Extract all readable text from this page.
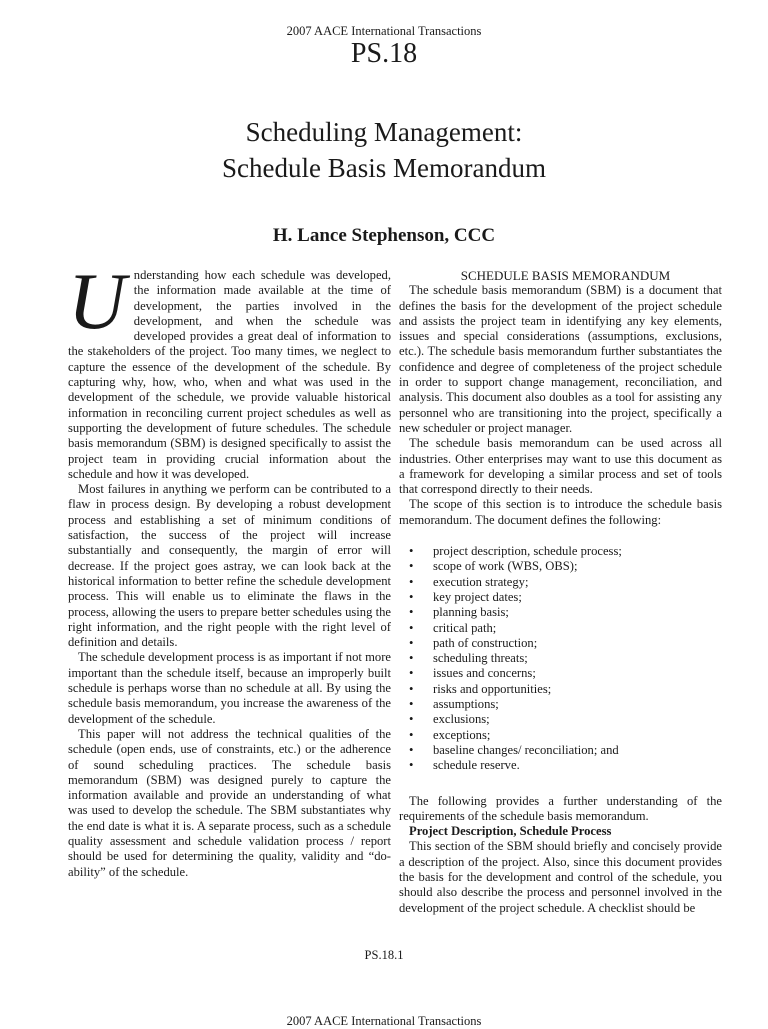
2007 AACE International Transactions
PS.18
Scheduling Management:
Schedule Basis Memorandum
H. Lance Stephenson, CCC
U nderstanding how each schedule was developed, the information made available at the time of development, the parties involved in the development, and when the schedule was developed provides a great deal of information to the stakeholders of the project. Too many times, we neglect to capture the essence of the development of the schedule. By capturing why, how, who, when and what was used in the development of the schedule, we provide valuable historical information in reconciling current project schedules as well as supporting the development of future schedules. The schedule basis memorandum (SBM) is designed specifically to assist the project team in providing crucial information about the schedule and how it was developed.

Most failures in anything we perform can be contributed to a flaw in process design. By developing a robust development process and establishing a set of minimum conditions of satisfaction, the success of the project will increase substantially and consequently, the margin of error will decrease. If the project goes astray, we can look back at the historical information to better refine the schedule development process. This will enable us to eliminate the flaws in the process, allowing the users to prepare better schedules using the right information, and the right people with the right level of definition and details.

The schedule development process is as important if not more important than the schedule itself, because an improperly built schedule is perhaps worse than no schedule at all. By using the schedule basis memorandum, you increase the awareness of the development of the schedule.

This paper will not address the technical qualities of the schedule (open ends, use of constraints, etc.) or the adherence of sound scheduling practices. The schedule basis memorandum (SBM) was designed purely to capture the information available and provide an understanding of what was used to develop the schedule. The SBM substantiates why the end date is what it is. A separate process, such as a schedule quality assessment and schedule validation process / report should be used for determining the quality, validity and “do-ability” of the schedule.

SCHEDULE BASIS MEMORANDUM

The schedule basis memorandum (SBM) is a document that defines the basis for the development of the project schedule and assists the project team in identifying any key elements, issues and special considerations (assumptions, exclusions, etc.). The schedule basis memorandum further substantiates the confidence and degree of completeness of the project schedule in order to support change management, reconciliation, and analysis. This document also doubles as a tool for assisting any personnel who are transitioning into the project, specifically a new scheduler or project manager.

The schedule basis memorandum can be used across all industries. Other enterprises may want to use this document as a framework for developing a similar process and set of tools that correspond directly to their needs.

The scope of this section is to introduce the schedule basis memorandum. The document defines the following:

• project description, schedule process;
• scope of work (WBS, OBS);
• execution strategy;
• key project dates;
• planning basis;
• critical path;
• path of construction;
• scheduling threats;
• issues and concerns;
• risks and opportunities;
• assumptions;
• exclusions;
• exceptions;
• baseline changes/ reconciliation; and
• schedule reserve.

The following provides a further understanding of the requirements of the schedule basis memorandum.

Project Description, Schedule Process

This section of the SBM should briefly and concisely provide a description of the project. Also, since this document provides the basis for the development and control of the schedule, you should also describe the process and personnel involved in the development of the project schedule. A checklist should be

PS.18.1
2007 AACE International Transactions
